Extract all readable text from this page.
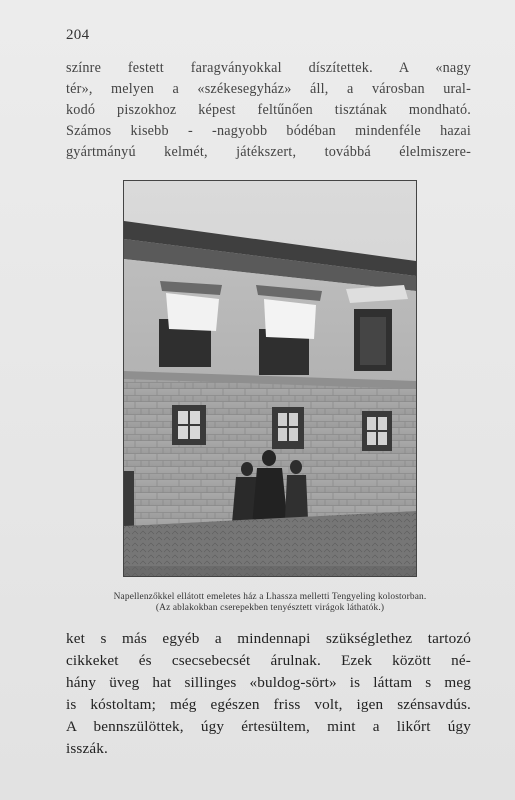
204
színre festett faragványokkal díszítettek. A «nagy
tér», melyen a «székesegyház» áll, a városban ural-
kodó piszokhoz képest feltűnően tisztának mondható.
Számos kisebb - -nagyobb bódéban mindenféle hazai
gyártmányú kelmét, játékszert, továbbá élelmiszere-
Napellenzőkkel ellátott emeletes ház a Lhassza melletti Tengyeling kolostorban.
(Az ablakokban cserepekben tenyésztett virágok láthatók.)
ket s más egyéb a mindennapi szükséglethez tartozó
cikkeket és csecsebecsét árulnak. Ezek között né-
hány üveg hat sillinges «buldog-sört» is láttam s meg
is kóstoltam; még egészen friss volt, igen szénsavdús.
A bennszülöttek, úgy értesültem, mint a likőrt úgy
isszák.
